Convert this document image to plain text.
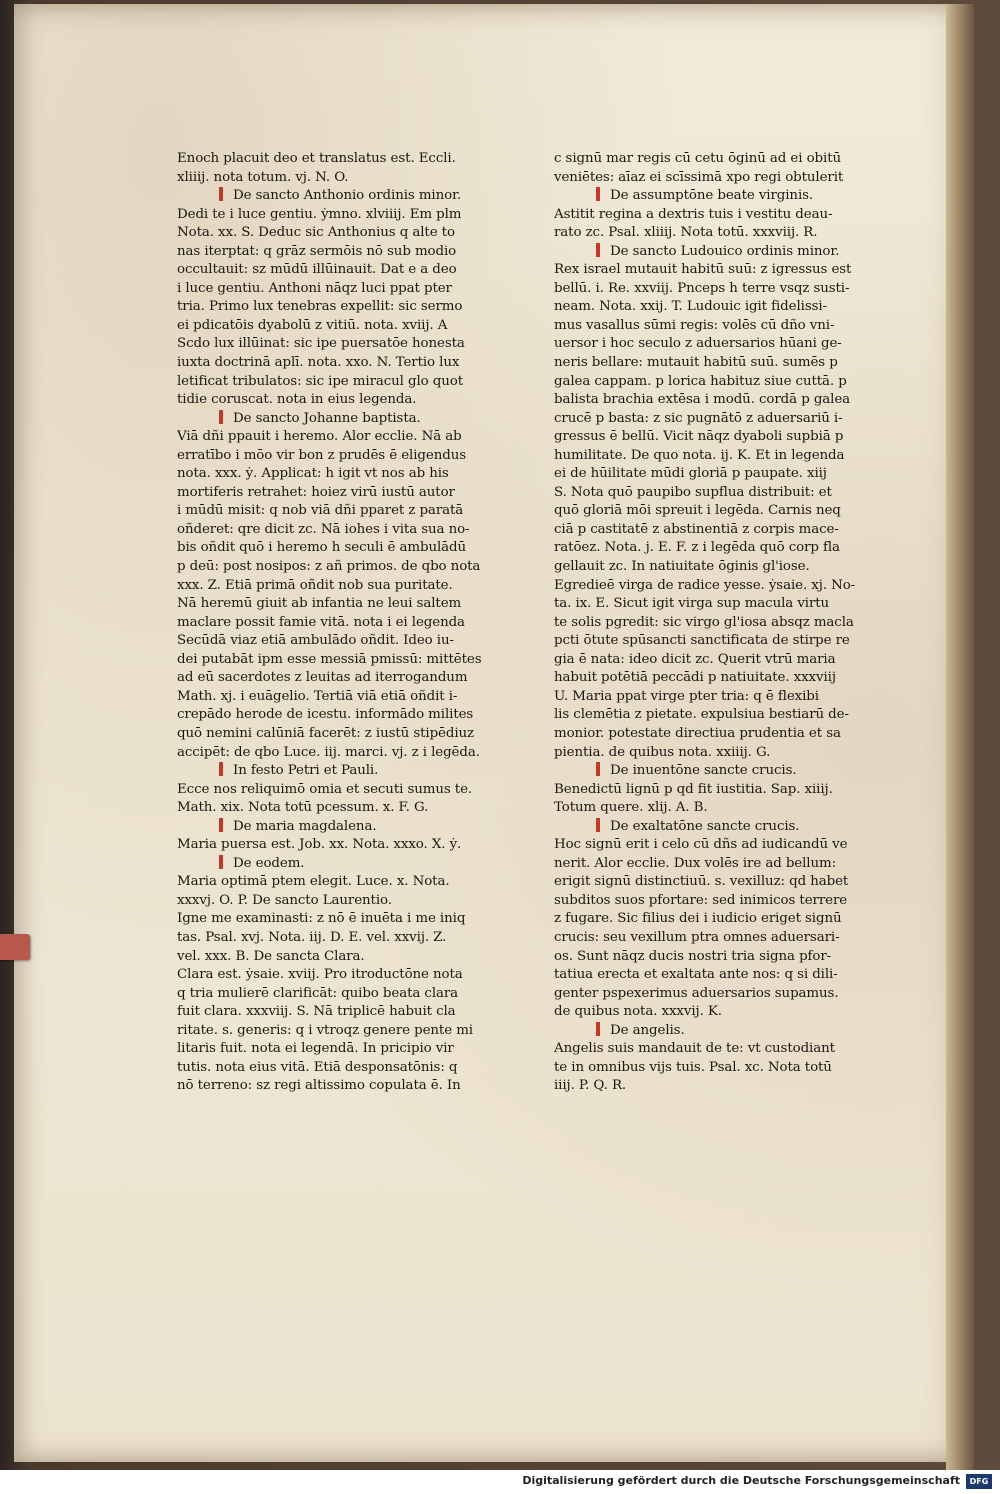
Enoch placuit deo et translatus est. Eccli.
xliiij. nota totum. vj. N. O.
De sancto Anthonio ordinis minor.
Dedi te i luce gentiu. ẏmno. xlviiij. Em plm
Nota. xx. S. Deduc sic Anthonius q alte to
nas iterptat: q grāz sermōis nō sub modio
occultauit: sz mūdū illūinauit. Dat e a deo
i luce gentiu. Anthoni nāqz luci ppat pter
tria. Primo lux tenebras expellit: sic sermo
ei pdicatōis dyabolū z vitiū. nota. xviij. A
Scdo lux illūinat: sic ipe puersatōe honesta
iuxta doctrinā aplī. nota. xxo. N. Tertio lux
letificat tribulatos: sic ipe miracul glo quot
tidie coruscat. nota in eius legenda.
De sancto Johanne baptista.
Viā dñi ppauit i heremo. Alor ecclie. Nā ab
erratībo i mōo vir bon z prudēs ē eligendus
nota. xxx. ẏ. Applicat: h igit vt nos ab his
mortiferis retrahet: hoiez virū iustū autor
i mūdū misit: q nob viā dñi pparet z paratā
oñderet: qre dicit zc. Nā iohes i vita sua no-
bis oñdit quō i heremo h seculi ē ambulādū
p deū: post nosipos: z añ primos. de qbo nota
xxx. Z. Etiā primā oñdit nob sua puritate.
Nā heremū giuit ab infantia ne leui saltem
maclare possit famie vitā. nota i ei legenda
Secūdā viaz etiā ambulādo oñdit. Ideo iu-
dei putabāt ipm esse messiā pmissū: mittētes
ad eū sacerdotes z leuitas ad iterrogandum
Math. xj. i euāgelio. Tertiā viā etiā oñdit i-
crepādo herode de icestu. informādo milites
quō nemini calūniā facerēt: z iustū stipēdiuz
accipēt: de qbo Luce. iij. marci. vj. z i legēda.
In festo Petri et Pauli.
Ecce nos reliquimō omia et secuti sumus te.
Math. xix. Nota totū pcessum. x. F. G.
De maria magdalena.
Maria puersa est. Job. xx. Nota. xxxo. X. ẏ.
De eodem.
Maria optimā ptem elegit. Luce. x. Nota.
xxxvj. O. P. De sancto Laurentio.
Igne me examinasti: z nō ē inuēta i me iniq
tas. Psal. xvj. Nota. iij. D. E. vel. xxvij. Z.
vel. xxx. B. De sancta Clara.
Clara est. ẏsaie. xviij. Pro itroductōne nota
q tria mulierē clarificāt: quibo beata clara
fuit clara. xxxviij. S. Nā triplicē habuit cla
ritate. s. generis: q i vtroqz genere pente mi
litaris fuit. nota ei legendā. In pricipio vir
tutis. nota eius vitā. Etiā desponsatōnis: q
nō terreno: sz regi altissimo copulata ē. In
c signū mar regis cū cetu ōginū ad ei obitū
veniētes: aīaz ei scīssimā xpo regi obtulerit
De assumptōne beate virginis.
Astitit regina a dextris tuis i vestitu deau-
rato zc. Psal. xliiij. Nota totū. xxxviij. R.
De sancto Ludouico ordinis minor.
Rex israel mutauit habitū suū: z igressus est
bellū. i. Re. xxviij. Pnceps h terre vsqz susti-
neam. Nota. xxij. T. Ludouic igit fidelissi-
mus vasallus sūmi regis: volēs cū dño vni-
uersor i hoc seculo z aduersarios hūani ge-
neris bellare: mutauit habitū suū. sumēs p
galea cappam. p lorica habituz siue cuttā. p
balista brachia extēsa i modū. cordā p galea
crucē p basta: z sic pugnātō z aduersariū i-
gressus ē bellū. Vicit nāqz dyaboli supbiā p
humilitate. De quo nota. ij. K. Et in legenda
ei de hūilitate mūdi gloriā p paupate. xiij
S. Nota quō paupibo supflua distribuit: et
quō gloriā mōi spreuit i legēda. Carnis neq
ciā p castitatē z abstinentiā z corpis mace-
ratōez. Nota. j. E. F. z i legēda quō corp fla
gellauit zc. In natiuitate ōginis gl'iose.
Egredieē virga de radice yesse. ẏsaie. xj. No-
ta. ix. E. Sicut igit virga sup macula virtu
te solis pgredit: sic virgo gl'iosa absqz macla
pcti ōtute spūsancti sanctificata de stirpe re
gia ē nata: ideo dicit zc. Querit vtrū maria
habuit potētiā peccādi p natiuitate. xxxviij
U. Maria ppat virge pter tria: q ē flexibi
lis clemētia z pietate. expulsiua bestiarū de-
monior. potestate directiua prudentia et sa
pientia. de quibus nota. xxiiij. G.
De inuentōne sancte crucis.
Benedictū lignū p qd fit iustitia. Sap. xiiij.
Totum quere. xlij. A. B.
De exaltatōne sancte crucis.
Hoc signū erit i celo cū dñs ad iudicandū ve
nerit. Alor ecclie. Dux volēs ire ad bellum:
erigit signū distinctiuū. s. vexilluz: qd habet
subditos suos pfortare: sed inimicos terrere
z fugare. Sic filius dei i iudicio eriget signū
crucis: seu vexillum ptra omnes aduersari-
os. Sunt nāqz ducis nostri tria signa pfor-
tatiua erecta et exaltata ante nos: q si dili-
genter pspexerimus aduersarios supamus.
de quibus nota. xxxvij. K.
De angelis.
Angelis suis mandauit de te: vt custodiant
te in omnibus vijs tuis. Psal. xc. Nota totū
iiij. P. Q. R.
Digitalisierung gefördert durch die Deutsche Forschungsgemeinschaft	DFG
